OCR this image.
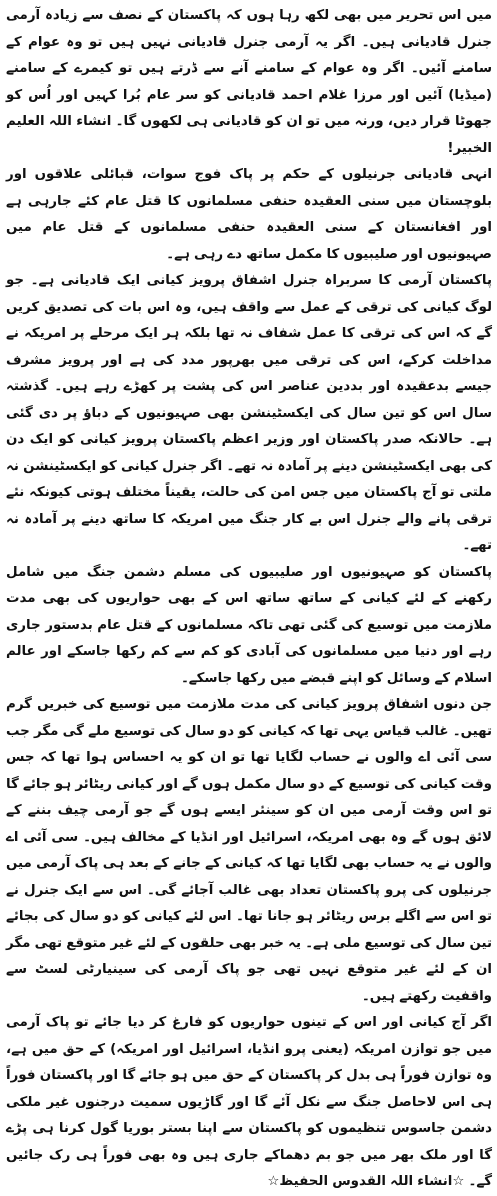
میں اس تحریر میں بھی لکھ رہا ہوں کہ پاکستان کے نصف سے زیادہ آرمی جنرل قادیانی ہیں۔ اگر یہ آرمی جنرل قادیانی نہیں ہیں تو وہ عوام کے سامنے آئیں۔ اگر وہ عوام کے سامنے آنے سے ڈرتے ہیں تو کیمرے کے سامنے (میڈیا) آئیں اور مرزا غلام احمد قادیانی کو سر عام بُرا کہیں اور اُس کو جھوٹا قرار دیں، ورنہ میں تو ان کو قادیانی ہی لکھوں گا۔ انشاء اللہ العلیم الخبیر!

انہی قادیانی جرنیلوں کے حکم پر پاک فوج سوات، قبائلی علاقوں اور بلوچستان میں سنی العقیدہ حنفی مسلمانوں کا قتل عام کئے جارہی ہے اور افغانستان کے سنی العقیدہ حنفی مسلمانوں کے قتل عام میں صہیونیوں اور صلیبیوں کا مکمل ساتھ دے رہی ہے۔

پاکستان آرمی کا سربراہ جنرل اشفاق پرویز کیانی ایک قادیانی ہے۔ جو لوگ کیانی کی ترقی کے عمل سے واقف ہیں، وہ اس بات کی تصدیق کریں گے کہ اس کی ترقی کا عمل شفاف نہ تھا بلکہ ہر ایک مرحلے پر امریکہ نے مداخلت کرکے، اس کی ترقی میں بھرپور مدد کی ہے اور پرویز مشرف جیسے بدعقیدہ اور بددین عناصر اس کی پشت پر کھڑے رہے ہیں۔ گذشتہ سال اس کو تین سال کی ایکسٹینشن بھی صہیونیوں کے دباؤ پر دی گئی ہے۔ حالانکہ صدر پاکستان اور وزیر اعظم پاکستان پرویز کیانی کو ایک دن کی بھی ایکسٹینشن دینے پر آمادہ نہ تھے۔ اگر جنرل کیانی کو ایکسٹینشن نہ ملتی تو آج پاکستان میں جس امن کی حالت، یقیناً مختلف ہوتی کیونکہ نئے ترقی پانے والے جنرل اس بے کار جنگ میں امریکہ کا ساتھ دینے پر آمادہ نہ تھے۔

پاکستان کو صہیونیوں اور صلیبیوں کی مسلم دشمن جنگ میں شامل رکھنے کے لئے کیانی کے ساتھ ساتھ اس کے بھی حواریوں کی بھی مدت ملازمت میں توسیع کی گئی تھی تاکہ مسلمانوں کے قتل عام بدستور جاری رہے اور دنیا میں مسلمانوں کی آبادی کو کم سے کم رکھا جاسکے اور عالم اسلام کے وسائل کو اپنے قبضے میں رکھا جاسکے۔

جن دنوں اشفاق پرویز کیانی کی مدت ملازمت میں توسیع کی خبریں گرم تھیں۔ غالب قیاس یہی تھا کہ کیانی کو دو سال کی توسیع ملے گی مگر جب سی آئی اے والوں نے حساب لگایا تھا تو ان کو یہ احساس ہوا تھا کہ جس وقت کیانی کی توسیع کے دو سال مکمل ہوں گے اور کیانی ریٹائر ہو جائے گا تو اس وقت آرمی میں ان کو سینئر ایسے ہوں گے جو آرمی چیف بننے کے لائق ہوں گے وہ بھی امریکہ، اسرائیل اور انڈیا کے مخالف ہیں۔ سی آئی اے والوں نے یہ حساب بھی لگایا تھا کہ کیانی کے جانے کے بعد ہی پاک آرمی میں جرنیلوں کی پرو پاکستان تعداد بھی غالب آجائے گی۔ اس سے ایک جنرل نے تو اس سے اگلے برس ریٹائر ہو جانا تھا۔ اس لئے کیانی کو دو سال کی بجائے تین سال کی توسیع ملی ہے۔ یہ خبر بھی حلقوں کے لئے غیر متوقع تھی مگر ان کے لئے غیر متوقع نہیں تھی جو پاک آرمی کی سینیارٹی لسٹ سے واقفیت رکھتے ہیں۔

اگر آج کیانی اور اس کے تینوں حواریوں کو فارغ کر دیا جائے تو پاک آرمی میں جو توازن امریکہ (یعنی پرو انڈیا، اسرائیل اور امریکہ) کے حق میں ہے، وہ توازن فوراً ہی بدل کر پاکستان کے حق میں ہو جائے گا اور پاکستان فوراً ہی اس لاحاصل جنگ سے نکل آئے گا اور گاڑیوں سمیت درجنوں غیر ملکی دشمن جاسوس تنظیموں کو پاکستان سے اپنا بستر بوریا گول کرنا ہی پڑے گا اور ملک بھر میں جو بم دھماکے جاری ہیں وہ بھی فوراً ہی رک جائیں گے۔ ☆انشاء اللہ القدوس الحفیظ☆
